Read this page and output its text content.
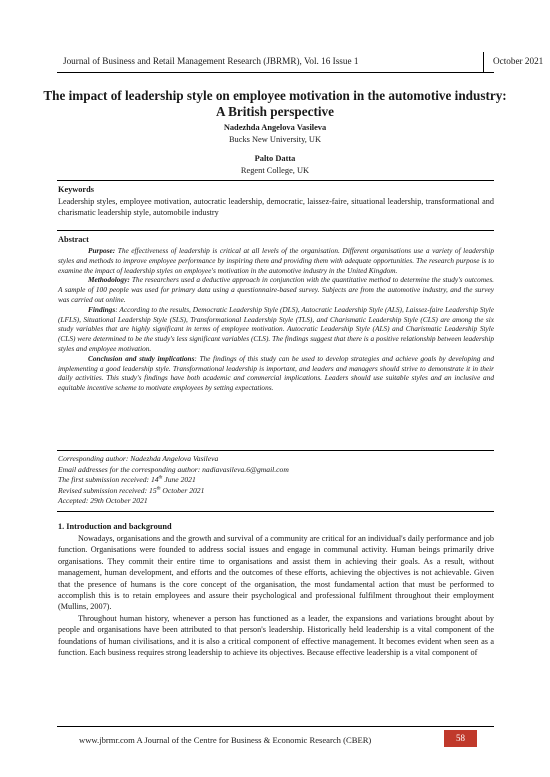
Journal of Business and Retail Management Research (JBRMR), Vol. 16 Issue 1	October 2021
The impact of leadership style on employee motivation in the automotive industry: A British perspective
Nadezhda Angelova Vasileva
Bucks New University, UK
Palto Datta
Regent College, UK
Keywords
Leadership styles, employee motivation, autocratic leadership, democratic, laissez-faire, situational leadership, transformational and charismatic leadership style, automobile industry
Abstract

Purpose: The effectiveness of leadership is critical at all levels of the organisation. Different organisations use a variety of leadership styles and methods to improve employee performance by inspiring them and providing them with adequate opportunities. The research purpose is to examine the impact of leadership styles on employee's motivation in the automotive industry in the United Kingdom.

Methodology: The researchers used a deductive approach in conjunction with the quantitative method to determine the study's outcomes. A sample of 100 people was used for primary data using a questionnaire-based survey. Subjects are from the automotive industry, and the survey was carried out online.

Findings: According to the results, Democratic Leadership Style (DLS), Autocratic Leadership Style (ALS), Laissez-faire Leadership Style (LFLS), Situational Leadership Style (SLS), Transformational Leadership Style (TLS), and Charismatic Leadership Style (CLS) are among the six study variables that are highly significant in terms of employee motivation. Autocratic Leadership Style (ALS) and Charismatic Leadership Style (CLS) were determined to be the study's less significant variables (CLS). The findings suggest that there is a positive relationship between leadership styles and employee motivation.

Conclusion and study implications: The findings of this study can be used to develop strategies and achieve goals by developing and implementing a good leadership style. Transformational leadership is important, and leaders and managers should strive to demonstrate it in their daily activities. This study's findings have both academic and commercial implications. Leaders should use suitable styles and an inclusive and equitable incentive scheme to motivate employees by setting expectations.

Corresponding author: Nadezhda Angelova Vasileva
Email addresses for the corresponding author: nadiavasileva.6@gmail.com
The first submission received: 14th June 2021
Revised submission received: 15th October 2021
Accepted: 29th October 2021
1. Introduction and background

Nowadays, organisations and the growth and survival of a community are critical for an individual's daily performance and job function. Organisations were founded to address social issues and engage in communal activity. Human beings primarily drive organisations. They commit their entire time to organisations and assist them in achieving their goals. As a result, without management, human development, and efforts and the outcomes of these efforts, achieving the objectives is not achievable. Given that the presence of humans is the core concept of the organisation, the most fundamental action that must be performed to accomplish this is to retain employees and assure their psychological and professional fulfilment throughout their employment (Mullins, 2007).

Throughout human history, whenever a person has functioned as a leader, the expansions and variations brought about by people and organisations have been attributed to that person's leadership. Historically held leadership is a vital component of the foundations of human civilisations, and it is also a critical component of effective management. It becomes evident when seen as a function. Each business requires strong leadership to achieve its objectives. Because effective leadership is a vital component of

www.jbrmr.com A Journal of the Centre for Business & Economic Research (CBER)	58
